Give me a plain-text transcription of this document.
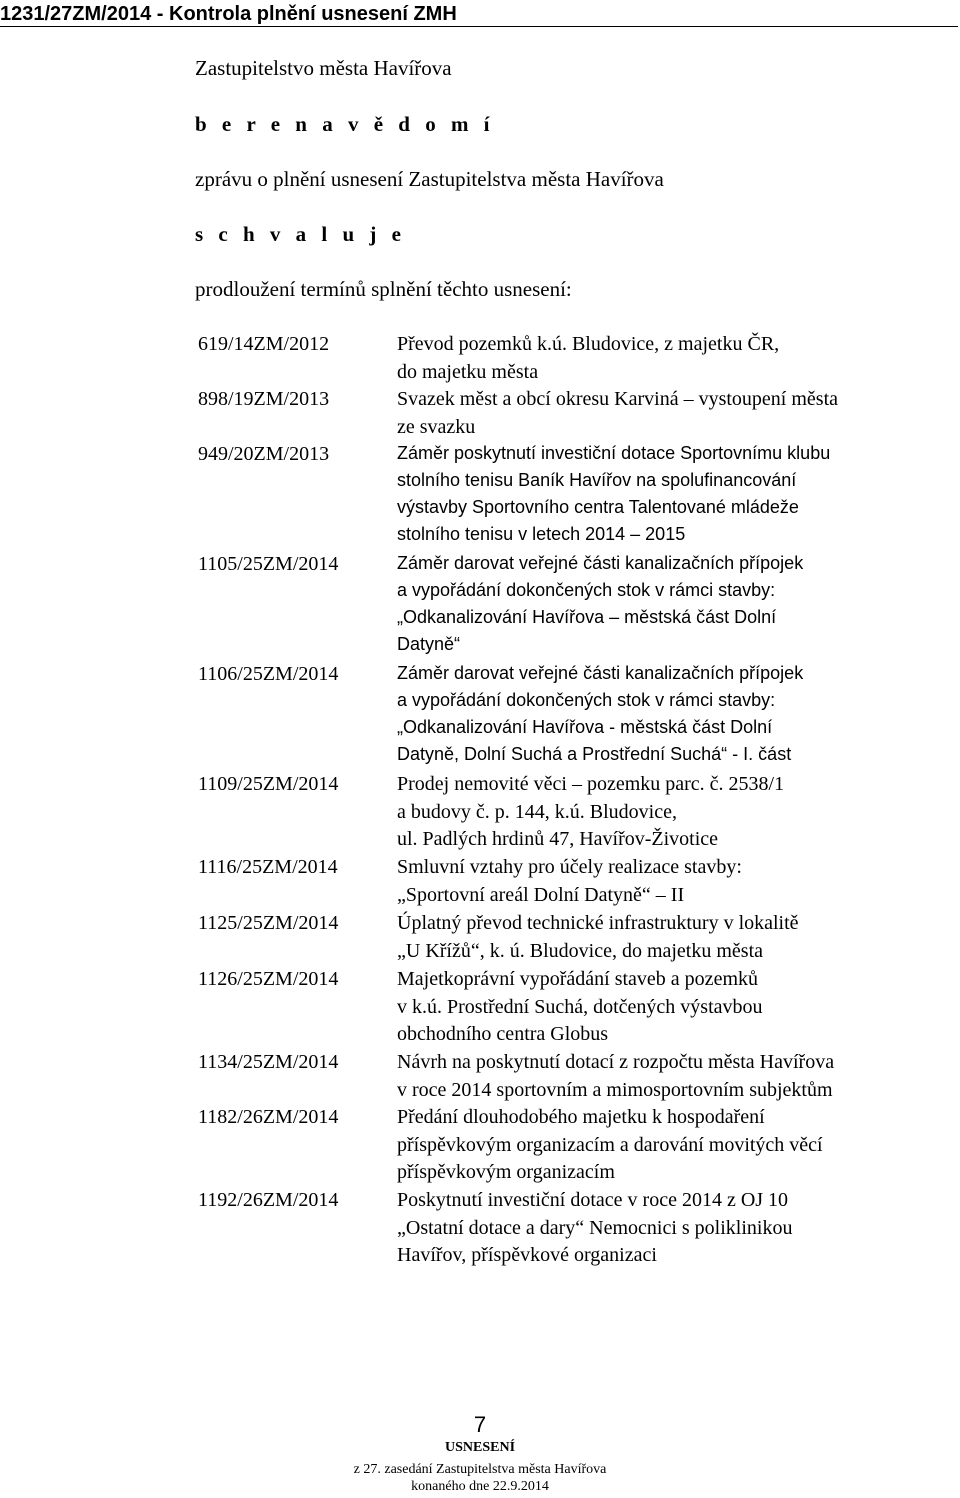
1231/27ZM/2014 - Kontrola plnění usnesení ZMH
Zastupitelstvo města Havířova
b e r e n a v ě d o m í
zprávu o plnění usnesení Zastupitelstva města Havířova
s c h v a l u j e
prodloužení termínů splnění těchto usnesení:
619/14ZM/2012	Převod pozemků k.ú. Bludovice, z majetku ČR,
do majetku města
898/19ZM/2013	Svazek měst a obcí okresu Karviná – vystoupení města
ze svazku
949/20ZM/2013	Záměr poskytnutí investiční dotace Sportovnímu klubu
stolního tenisu Baník Havířov na spolufinancování
výstavby Sportovního centra Talentované mládeže
stolního tenisu v letech 2014 – 2015
1105/25ZM/2014	Záměr darovat veřejné části kanalizačních přípojek
a vypořádání dokončených stok v rámci stavby:
„Odkanalizování Havířova – městská část Dolní
Datyně“
1106/25ZM/2014	Záměr darovat veřejné části kanalizačních přípojek
a vypořádání dokončených stok v rámci stavby:
„Odkanalizování Havířova - městská část Dolní
Datyně, Dolní Suchá a Prostřední Suchá“ - I. část
1109/25ZM/2014	Prodej nemovité věci – pozemku parc. č. 2538/1
a budovy č. p. 144, k.ú. Bludovice,
ul. Padlých hrdinů 47, Havířov-Životice
1116/25ZM/2014	Smluvní vztahy pro účely realizace stavby:
„Sportovní areál Dolní Datyně“ – II
1125/25ZM/2014	Úplatný převod technické infrastruktury v lokalitě
„U Křížů“, k. ú. Bludovice, do majetku města
1126/25ZM/2014	Majetkoprávní vypořádání staveb a pozemků
v k.ú. Prostřední Suchá, dotčených výstavbou
obchodního centra Globus
1134/25ZM/2014	Návrh na poskytnutí dotací z rozpočtu města Havířova
v roce 2014 sportovním a mimosportovním subjektům
1182/26ZM/2014	Předání dlouhodobého majetku k hospodaření
příspěvkovým organizacím a darování movitých věcí
příspěvkovým organizacím
1192/26ZM/2014	Poskytnutí investiční dotace v roce 2014 z OJ 10
„Ostatní dotace a dary“ Nemocnici s poliklinikou
Havířov, příspěvkové organizaci
7
USNESENÍ
z 27. zasedání Zastupitelstva města Havířova
konaného dne 22.9.2014
